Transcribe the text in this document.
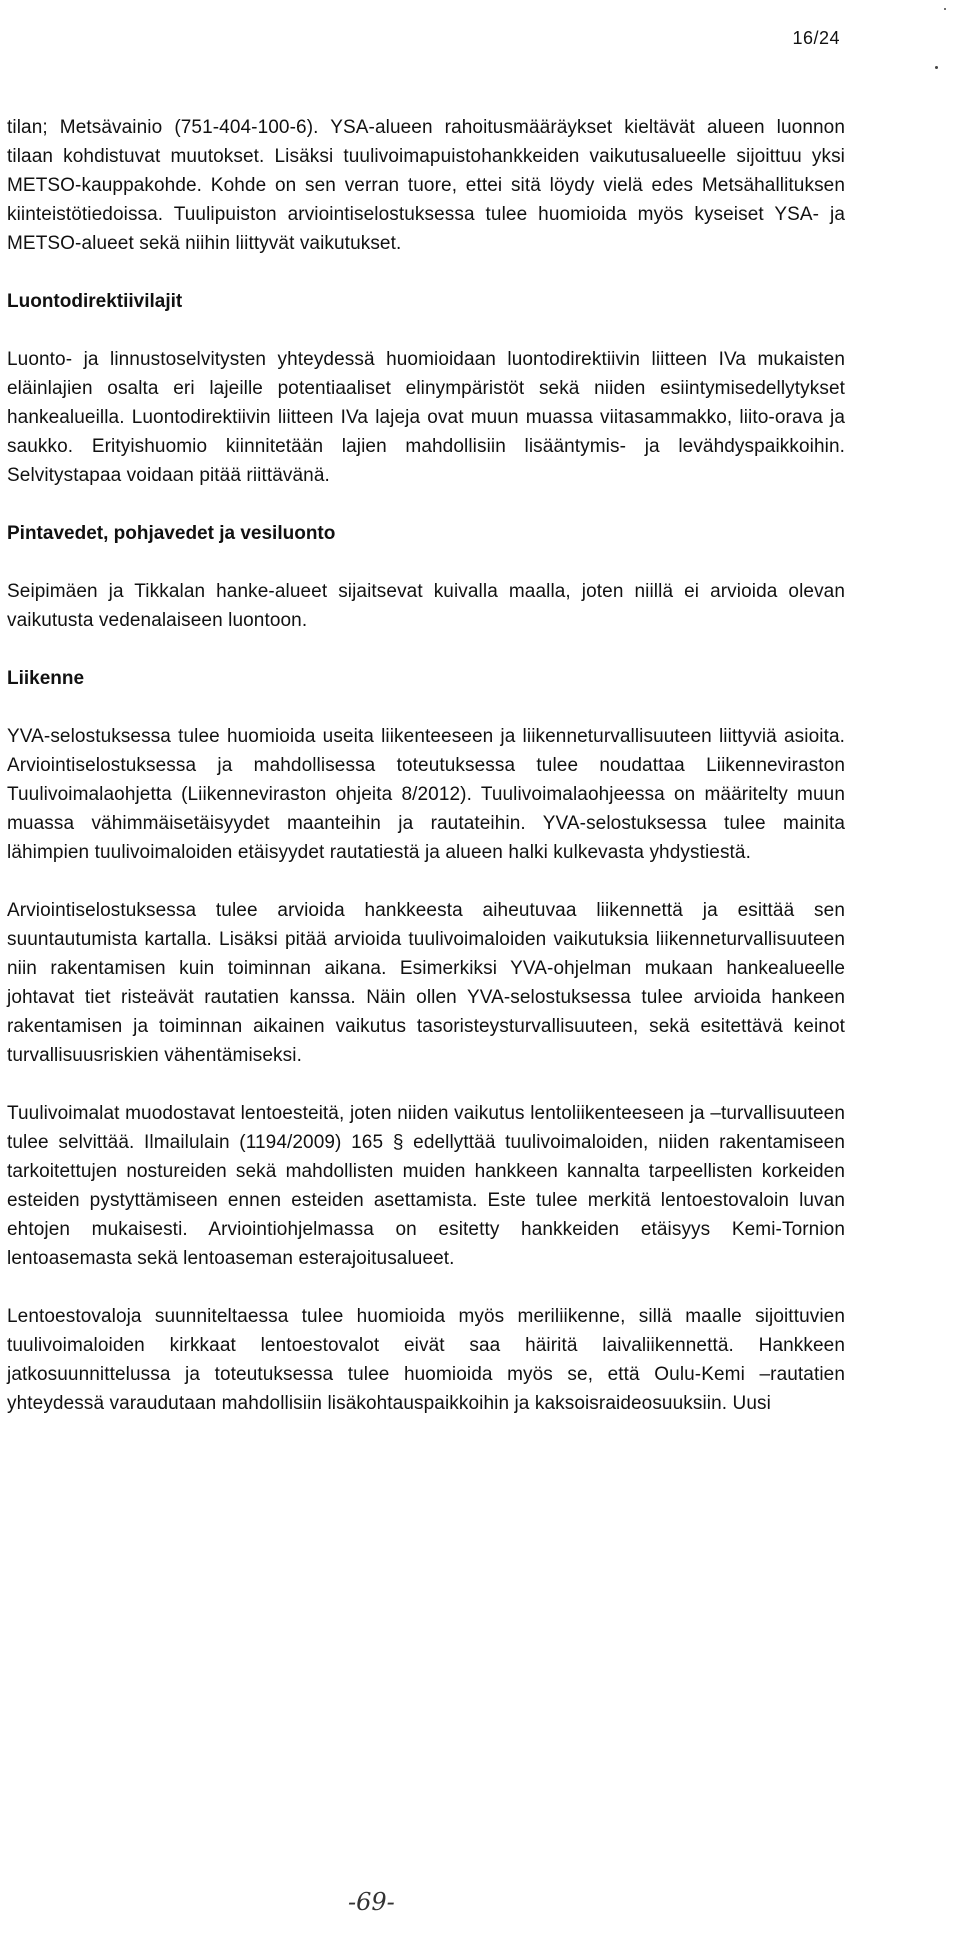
16/24

tilan; Metsävainio (751-404-100-6). YSA-alueen rahoitusmääräykset kieltävät alueen luonnon tilaan kohdistuvat muutokset. Lisäksi tuulivoimapuistohankkeiden vaikutusalueelle sijoittuu yksi METSO-kauppakohde. Kohde on sen verran tuore, ettei sitä löydy vielä edes Metsähallituksen kiinteistötiedoissa. Tuulipuiston arviointiselostuksessa tulee huomioida myös kyseiset YSA- ja METSO-alueet sekä niihin liittyvät vaikutukset.

Luontodirektiivilajit

Luonto- ja linnustoselvitysten yhteydessä huomioidaan luontodirektiivin liitteen IVa mukaisten eläinlajien osalta eri lajeille potentiaaliset elinympäristöt sekä niiden esiintymisedellytykset hankealueilla. Luontodirektiivin liitteen IVa lajeja ovat muun muassa viitasammakko, liito-orava ja saukko. Erityishuomio kiinnitetään lajien mahdollisiin lisääntymis- ja levähdyspaikkoihin. Selvitystapaa voidaan pitää riittävänä.

Pintavedet, pohjavedet ja vesiluonto

Seipimäen ja Tikkalan hanke-alueet sijaitsevat kuivalla maalla, joten niillä ei arvioida olevan vaikutusta vedenalaiseen luontoon.

Liikenne

YVA-selostuksessa tulee huomioida useita liikenteeseen ja liikenneturvallisuuteen liittyviä asioita. Arviointiselostuksessa ja mahdollisessa toteutuksessa tulee noudattaa Liikenneviraston Tuulivoimalaohjetta (Liikenneviraston ohjeita 8/2012). Tuulivoimalaohjeessa on määritelty muun muassa vähimmäisetäisyydet maanteihin ja rautateihin. YVA-selostuksessa tulee mainita lähimpien tuulivoimaloiden etäisyydet rautatiestä ja alueen halki kulkevasta yhdystiestä.

Arviointiselostuksessa tulee arvioida hankkeesta aiheutuvaa liikennettä ja esittää sen suuntautumista kartalla. Lisäksi pitää arvioida tuulivoimaloiden vaikutuksia liikenneturvallisuuteen niin rakentamisen kuin toiminnan aikana. Esimerkiksi YVA-ohjelman mukaan hankealueelle johtavat tiet risteävät rautatien kanssa. Näin ollen YVA-selostuksessa tulee arvioida hankeen rakentamisen ja toiminnan aikainen vaikutus tasoristeysturvallisuuteen, sekä esitettävä keinot turvallisuusriskien vähentämiseksi.

Tuulivoimalat muodostavat lentoesteitä, joten niiden vaikutus lentoliikenteeseen ja –turvallisuuteen tulee selvittää. Ilmailulain (1194/2009) 165 § edellyttää tuulivoimaloiden, niiden rakentamiseen tarkoitettujen nostureiden sekä mahdollisten muiden hankkeen kannalta tarpeellisten korkeiden esteiden pystyttämiseen ennen esteiden asettamista. Este tulee merkitä lentoestovaloin luvan ehtojen mukaisesti. Arviointiohjelmassa on esitetty hankkeiden etäisyys Kemi-Tornion lentoasemasta sekä lentoaseman esterajoitusalueet.

Lentoestovaloja suunniteltaessa tulee huomioida myös meriliikenne, sillä maalle sijoittuvien tuulivoimaloiden kirkkaat lentoestovalot eivät saa häiritä laivaliikennettä. Hankkeen jatkosuunnittelussa ja toteutuksessa tulee huomioida myös se, että Oulu-Kemi –rautatien yhteydessä varaudutaan mahdollisiin lisäkohtauspaikkoihin ja kaksoisraideosuuksiin. Uusi

-69-
